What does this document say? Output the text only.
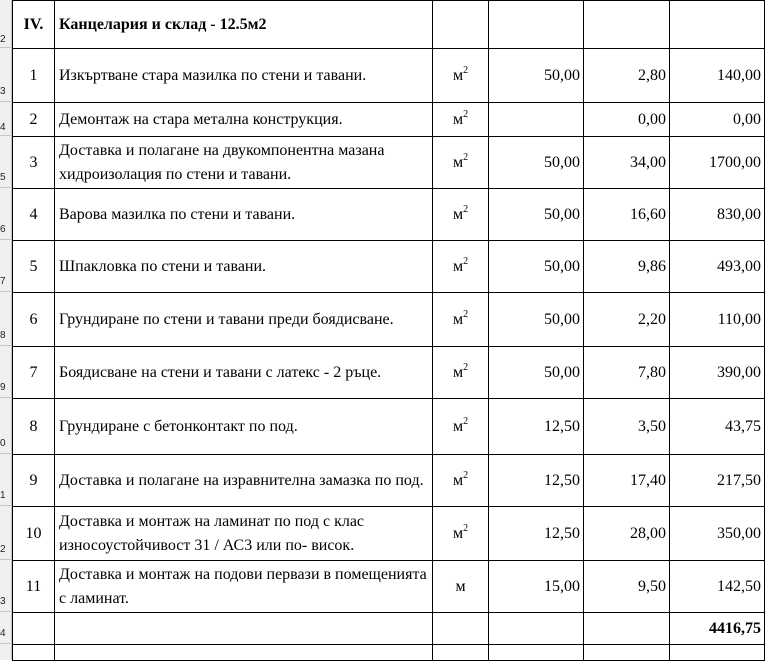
2
3
4
5
6
7
8
9
0
1
2
3
4
IV.	Канцелария и склад - 12.5м2				
1	Изкъртване стара мазилка по стени и тавани.	$м^2$	50,00	2,80	140,00
2	Демонтаж на стара метална конструкция.	$м^2$		0,00	0,00
3	Доставка и полагане на двукомпонентна мазана хидроизолация по стени и тавани.	$м^2$	50,00	34,00	1700,00
4	Варова мазилка по стени и тавани.	$м^2$	50,00	16,60	830,00
5	Шпакловка по стени и тавани.	$м^2$	50,00	9,86	493,00
6	Грундиране по стени и тавани преди боядисване.	$м^2$	50,00	2,20	110,00
7	Боядисване на стени и тавани с латекс - 2 ръце.	$м^2$	50,00	7,80	390,00
8	Грундиране с бетонконтакт по под.	$м^2$	12,50	3,50	43,75
9	Доставка и полагане на изравнителна замазка по под.	$м^2$	12,50	17,40	217,50
10	Доставка и монтаж на ламинат по под с клас износоустойчивост 31 / АС3 или по- висок.	$м^2$	12,50	28,00	350,00
11	Доставка и монтаж на подови первази в помещенията с ламинат.	м	15,00	9,50	142,50
					4416,75
